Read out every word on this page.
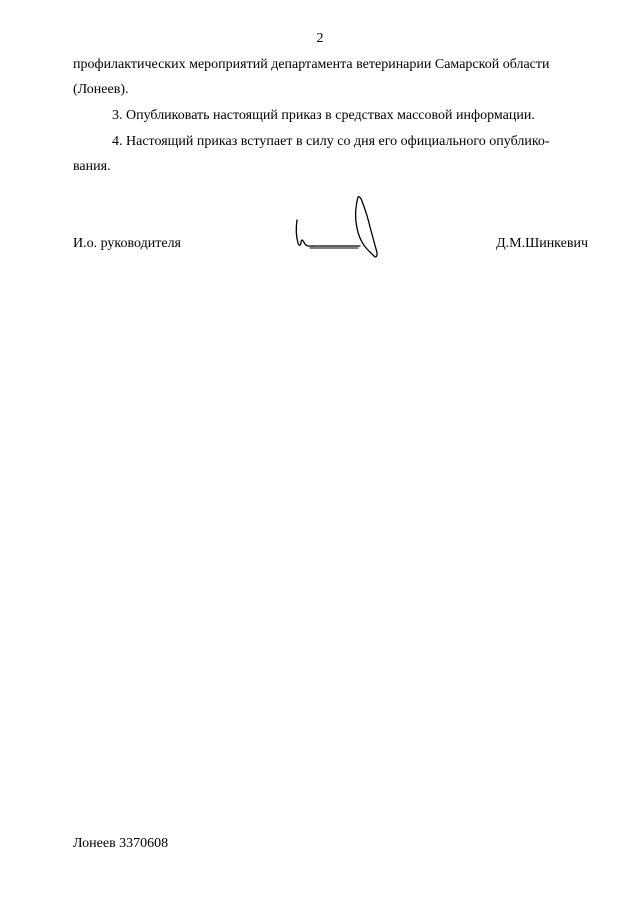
2
профилактических мероприятий департамента ветеринарии Самарской области
(Лонеев).
3. Опубликовать настоящий приказ в средствах массовой информации.
4. Настоящий приказ вступает в силу со дня его официального опублико-
вания.
И.о. руководителя	Д.М.Шинкевич
Лонеев 3370608
